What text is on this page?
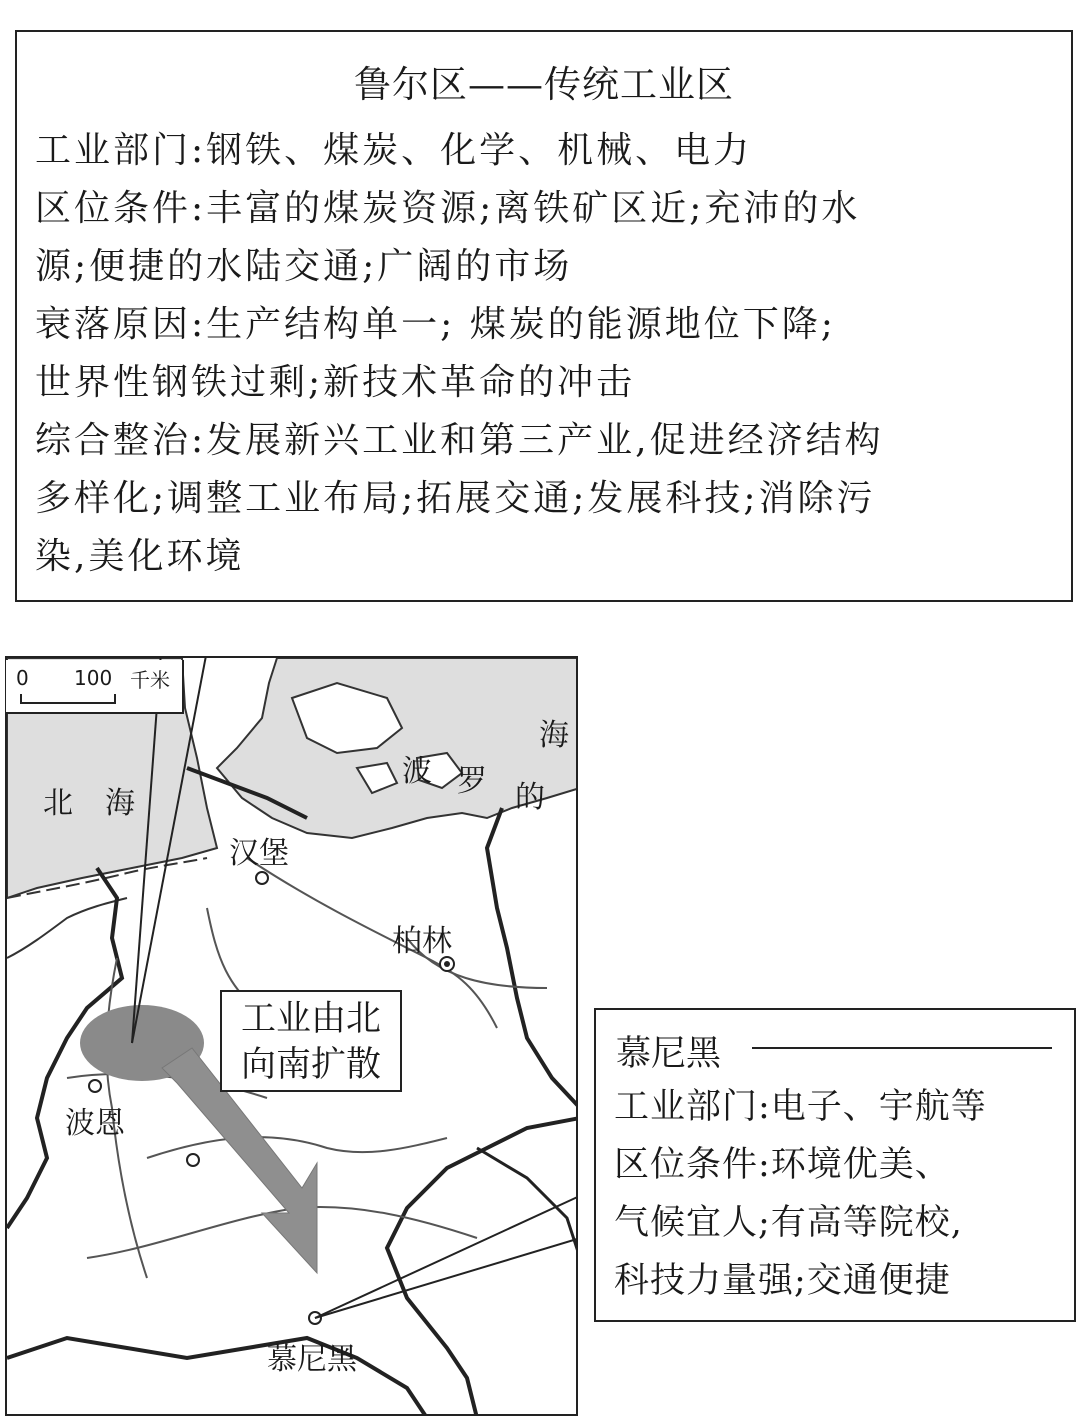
鲁尔区——传统工业区
工业部门:钢铁、煤炭、化学、机械、电力
区位条件:丰富的煤炭资源;离铁矿区近;充沛的水
源;便捷的水陆交通;广阔的市场
衰落原因:生产结构单一; 煤炭的能源地位下降;
世界性钢铁过剩;新技术革命的冲击
综合整治:发展新兴工业和第三产业,促进经济结构
多样化;调整工业布局;拓展交通;发展科技;消除污
染,美化环境
北 海
波 罗 的
海
汉堡
柏林
波恩
慕尼黑
0 100 千米
工业由北
向南扩散	慕尼黑
工业部门:电子、宇航等
区位条件:环境优美、
气候宜人;有高等院校,
科技力量强;交通便捷
